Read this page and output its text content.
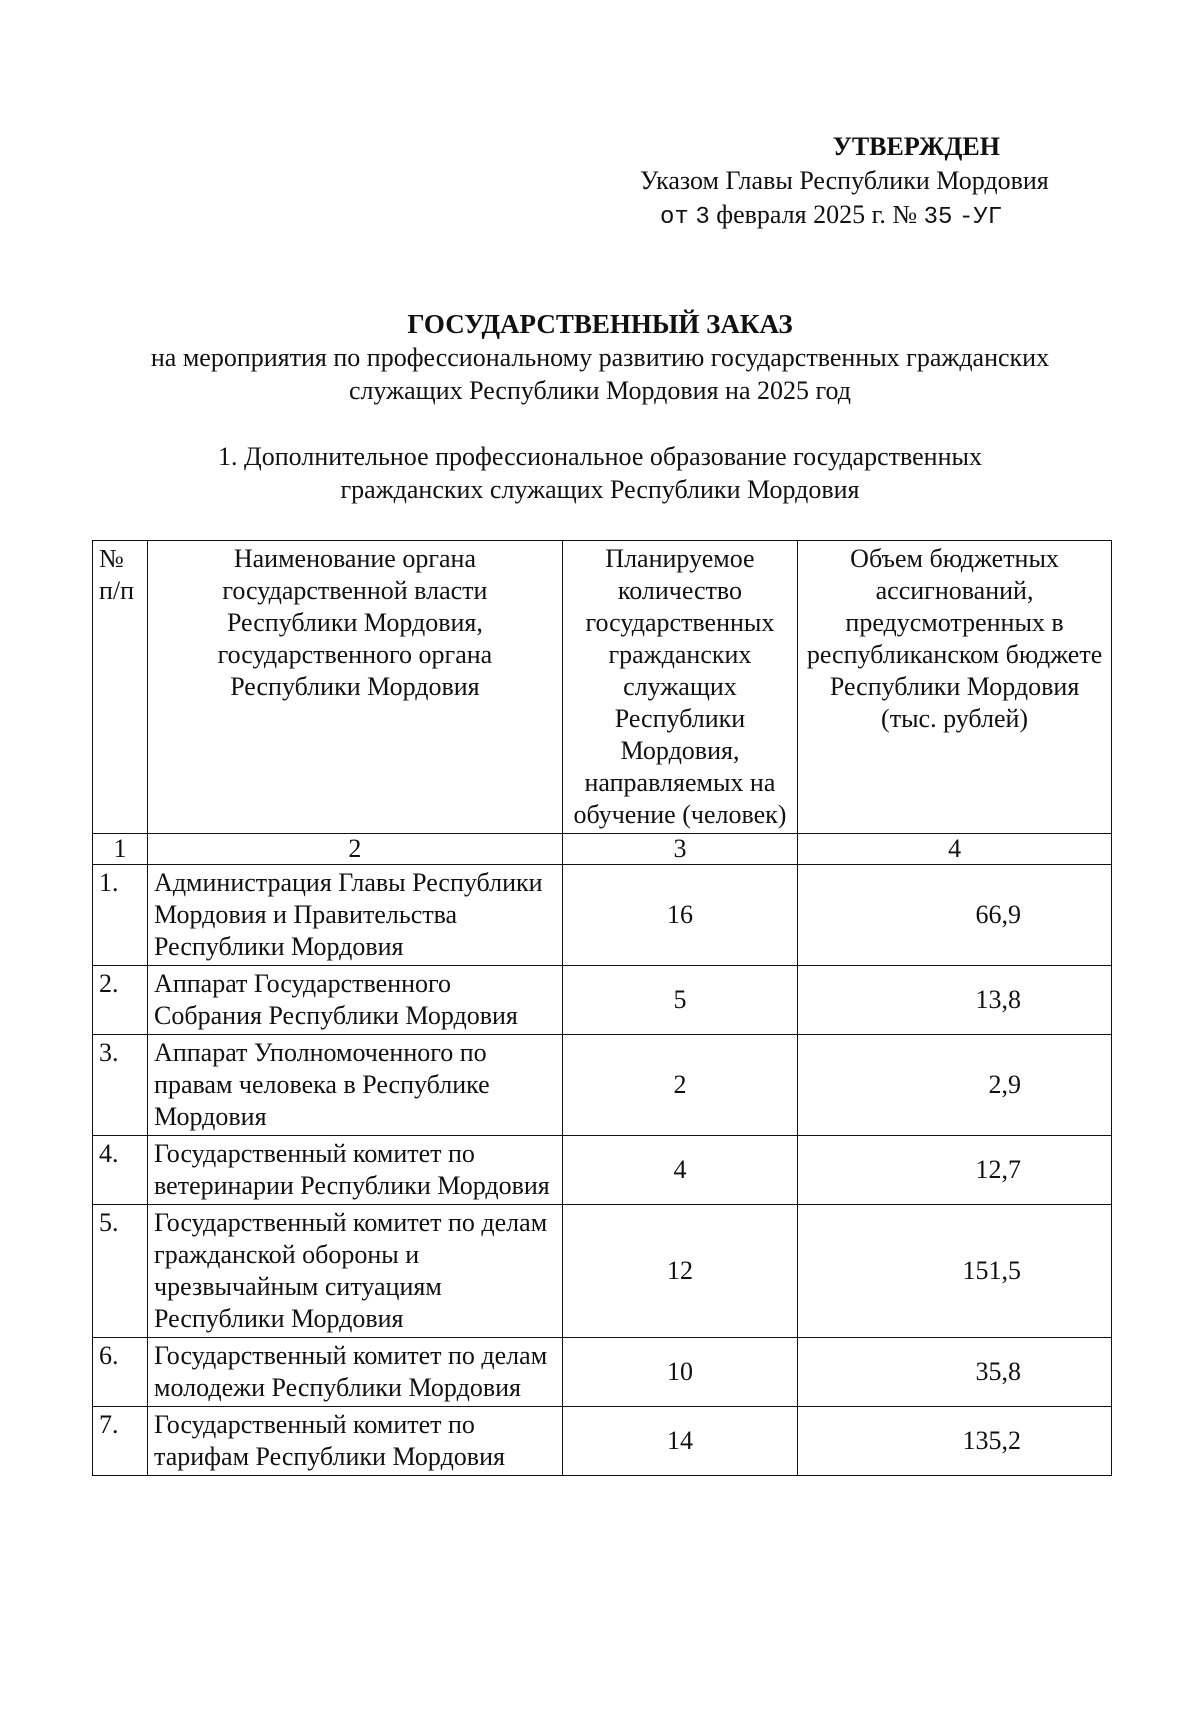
УТВЕРЖДЕН
Указом Главы Республики Мордовия
от 3 февраля 2025 г. № 35 -УГ
ГОСУДАРСТВЕННЫЙ ЗАКАЗ
на мероприятия по профессиональному развитию государственных гражданских
служащих Республики Мордовия на 2025 год
1. Дополнительное профессиональное образование государственных
гражданских служащих Республики Мордовия
№ п/п	Наименование органа государственной власти Республики Мордовия, государственного органа Республики Мордовия	Планируемое количество государственных гражданских служащих Республики Мордовия, направляемых на обучение (человек)	Объем бюджетных ассигнований, предусмотренных в республиканском бюджете Республики Мордовия (тыс. рублей)
1	2	3	4
1.	Администрация Главы Республики Мордовия и Правительства Республики Мордовия	16	66,9
2.	Аппарат Государственного Собрания Республики Мордовия	5	13,8
3.	Аппарат Уполномоченного по правам человека в Республике Мордовия	2	2,9
4.	Государственный комитет по ветеринарии Республики Мордовия	4	12,7
5.	Государственный комитет по делам гражданской обороны и чрезвычайным ситуациям Республики Мордовия	12	151,5
6.	Государственный комитет по делам молодежи Республики Мордовия	10	35,8
7.	Государственный комитет по тарифам Республики Мордовия	14	135,2
